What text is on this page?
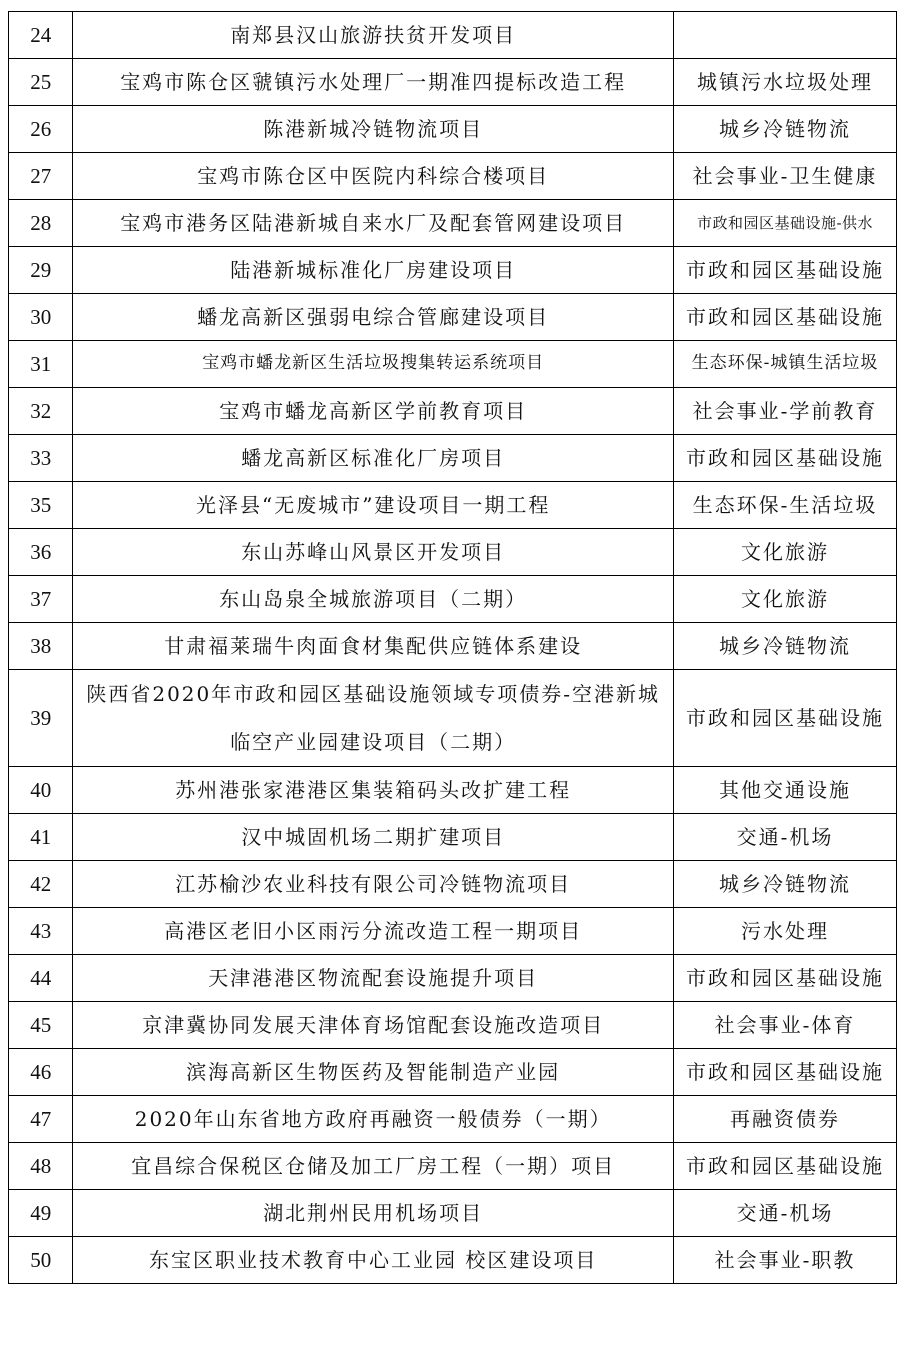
24	南郑县汉山旅游扶贫开发项目	
25	宝鸡市陈仓区虢镇污水处理厂一期准四提标改造工程	城镇污水垃圾处理
26	陈港新城冷链物流项目	城乡冷链物流
27	宝鸡市陈仓区中医院内科综合楼项目	社会事业-卫生健康
28	宝鸡市港务区陆港新城自来水厂及配套管网建设项目	市政和园区基础设施-供水
29	陆港新城标准化厂房建设项目	市政和园区基础设施
30	蟠龙高新区强弱电综合管廊建设项目	市政和园区基础设施
31	宝鸡市蟠龙新区生活垃圾搜集转运系统项目	生态环保-城镇生活垃圾
32	宝鸡市蟠龙高新区学前教育项目	社会事业-学前教育
33	蟠龙高新区标准化厂房项目	市政和园区基础设施
35	光泽县“无废城市”建设项目一期工程	生态环保-生活垃圾
36	东山苏峰山风景区开发项目	文化旅游
37	东山岛泉全城旅游项目（二期）	文化旅游
38	甘肃福莱瑞牛肉面食材集配供应链体系建设	城乡冷链物流
39	陕西省2020年市政和园区基础设施领域专项债券-空港新城临空产业园建设项目（二期）	市政和园区基础设施
40	苏州港张家港港区集装箱码头改扩建工程	其他交通设施
41	汉中城固机场二期扩建项目	交通-机场
42	江苏榆沙农业科技有限公司冷链物流项目	城乡冷链物流
43	高港区老旧小区雨污分流改造工程一期项目	污水处理
44	天津港港区物流配套设施提升项目	市政和园区基础设施
45	京津冀协同发展天津体育场馆配套设施改造项目	社会事业-体育
46	滨海高新区生物医药及智能制造产业园	市政和园区基础设施
47	2020年山东省地方政府再融资一般债券（一期）	再融资债券
48	宜昌综合保税区仓储及加工厂房工程（一期）项目	市政和园区基础设施
49	湖北荆州民用机场项目	交通-机场
50	东宝区职业技术教育中心工业园 校区建设项目	社会事业-职教
